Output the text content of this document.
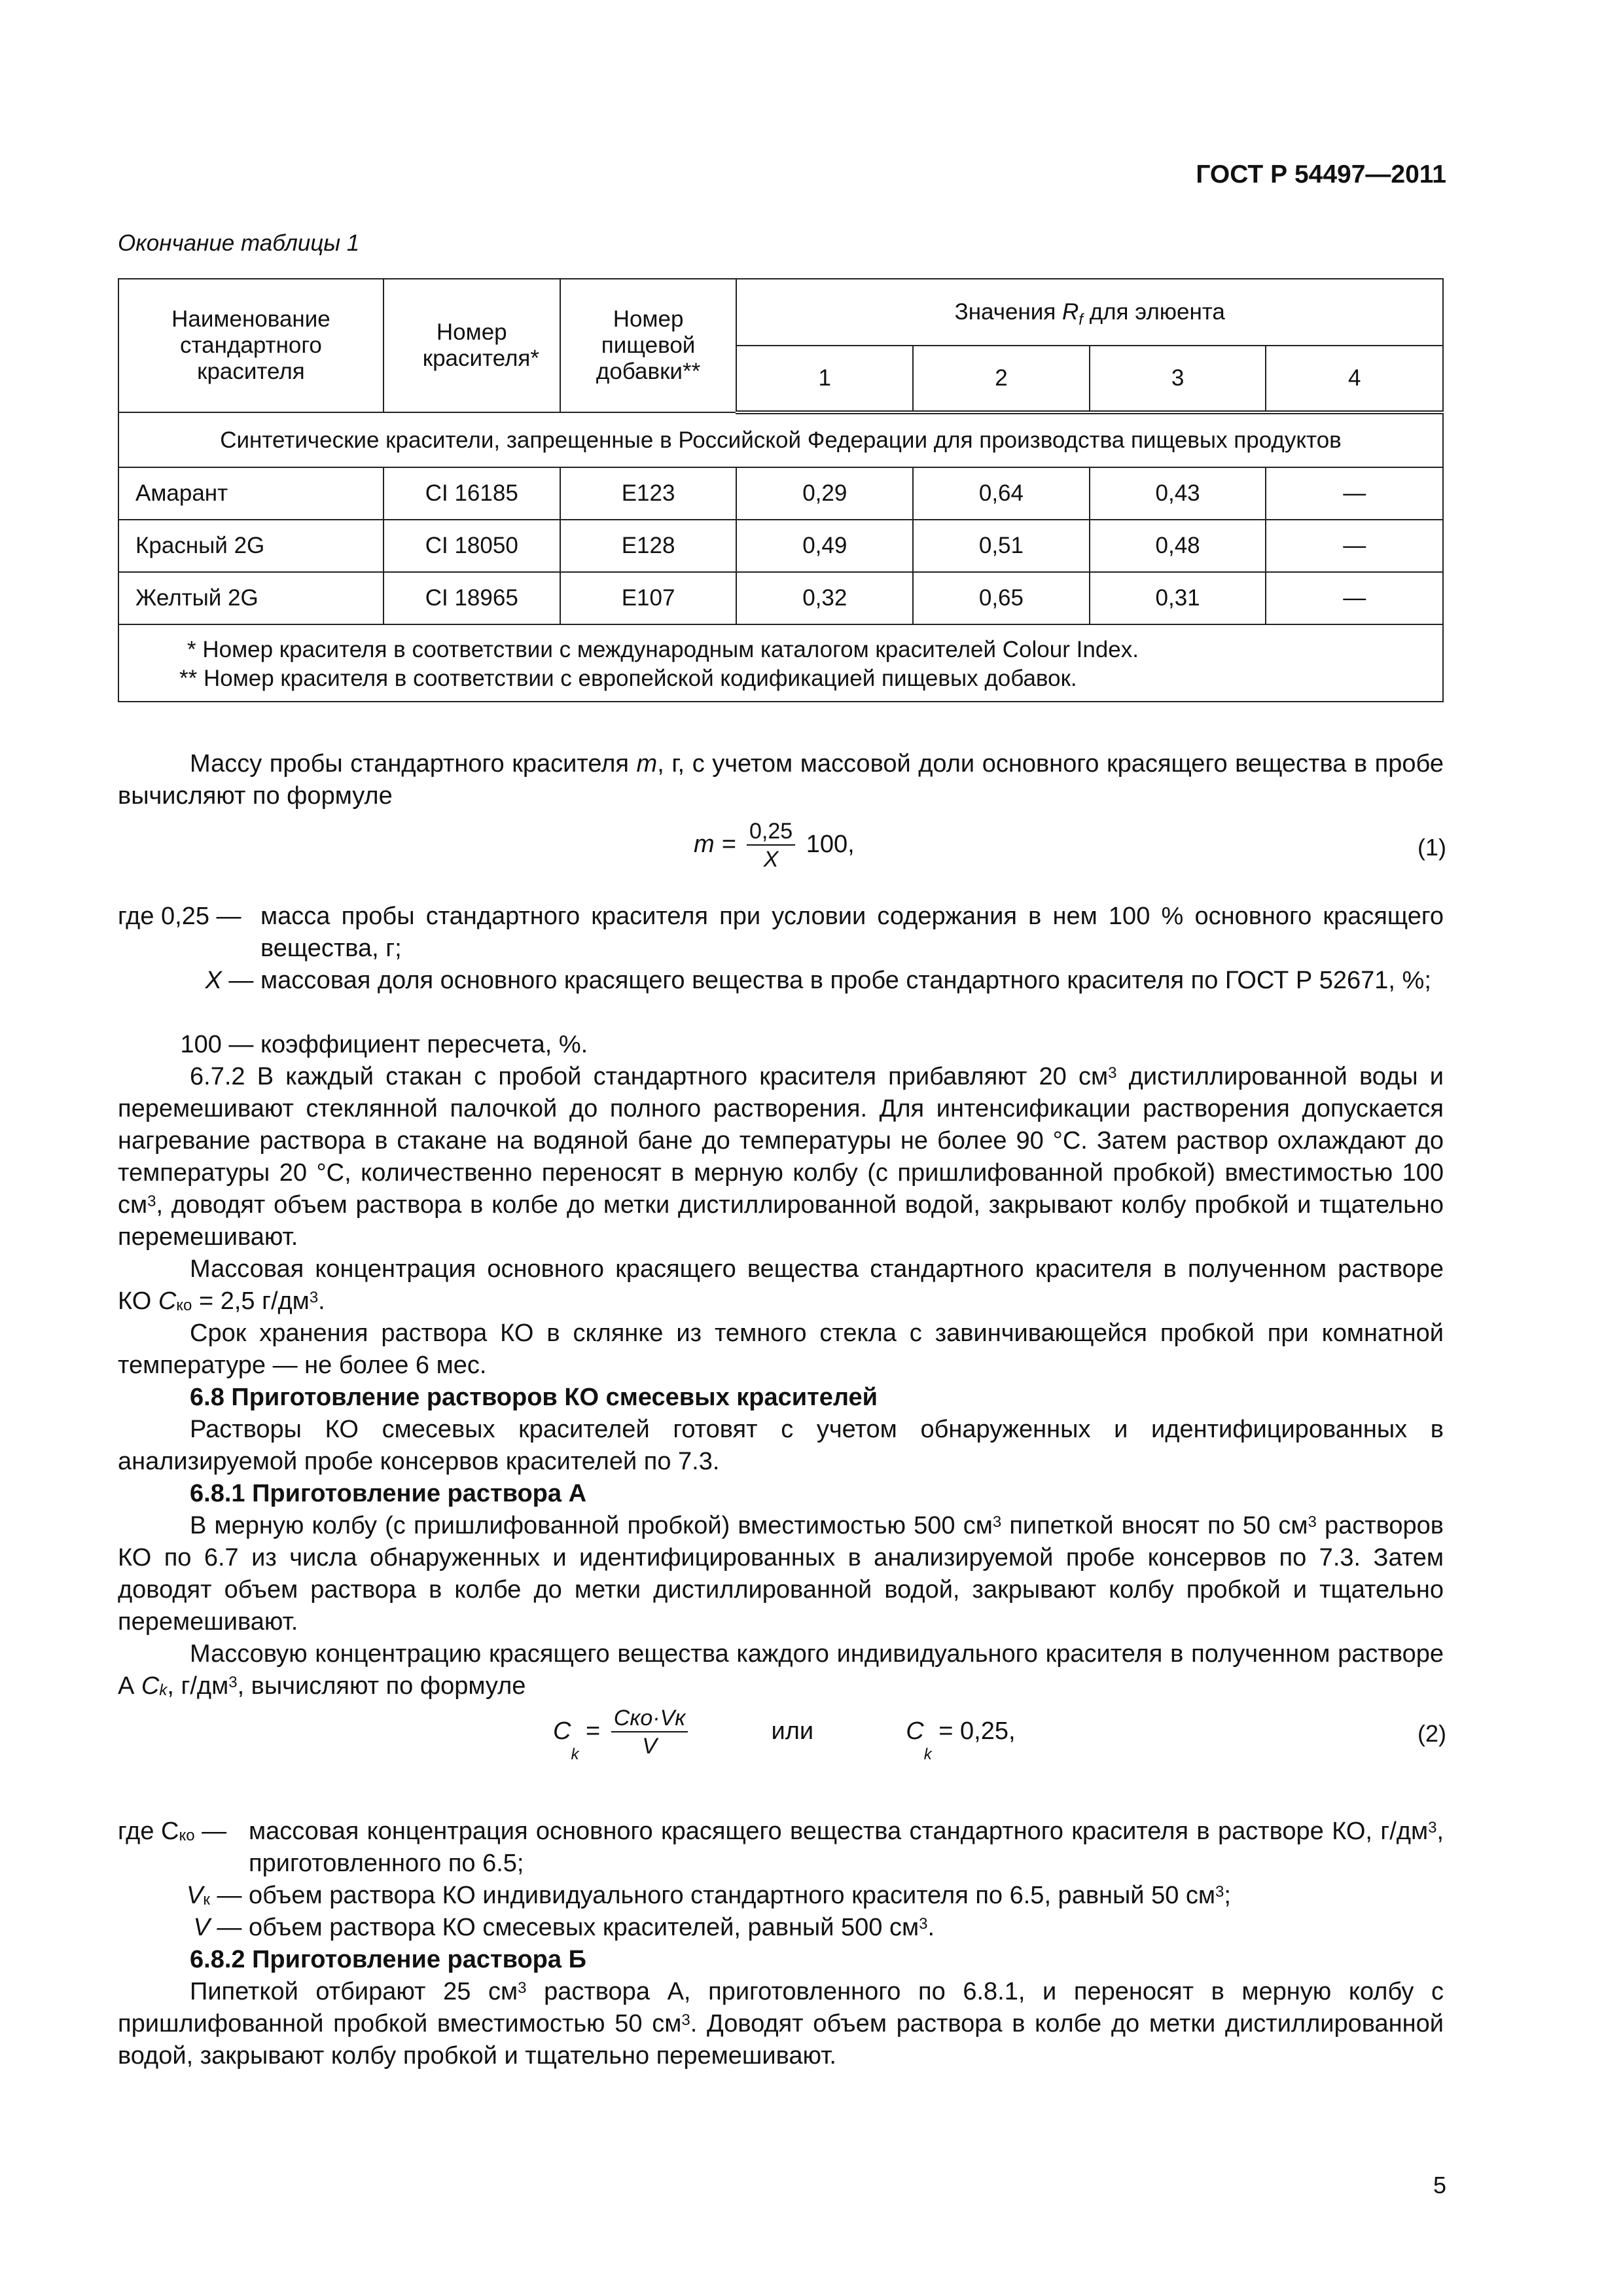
ГОСТ Р 54497—2011
Окончание таблицы 1
Наименование стандартного красителя	Номер красителя*	Номер пищевой добавки**	Значения $R_f$ для элюента			
			1	2	3	4
Синтетические красители, запрещенные в Российской Федерации для производства пищевых продуктов						
Амарант	CI 16185	E123	0,29	0,64	0,43	—
Красный 2G	CI 18050	E128	0,49	0,51	0,48	—
Желтый 2G	CI 18965	E107	0,32	0,65	0,31	—

* Номер красителя в соответствии с международным каталогом красителей Colour Index.
** Номер красителя в соответствии с европейской кодификацией пищевых добавок.						
Массу пробы стандартного красителя m, г, с учетом массовой доли основного красящего вещества в пробе вычисляют по формуле
$m = \frac{0,25}{X} 100$,	(1)
где 0,25 — масса пробы стандартного красителя при условии содержания в нем 100 % основного красящего вещества, г;
X — массовая доля основного красящего вещества в пробе стандартного красителя по ГОСТ Р 52671, %;
100 — коэффициент пересчета, %.
6.7.2 В каждый стакан с пробой стандартного красителя прибавляют 20 $см^3$ дистиллированной воды и перемешивают стеклянной палочкой до полного растворения. Для интенсификации растворения допускается нагревание раствора в стакане на водяной бане до температуры не более 90 °С. Затем раствор охлаждают до температуры 20 °С, количественно переносят в мерную колбу (с пришлифованной пробкой) вместимостью 100 $см^3$, доводят объем раствора в колбе до метки дистиллированной водой, закрывают колбу пробкой и тщательно перемешивают.
Массовая концентрация основного красящего вещества стандартного красителя в полученном растворе КО $C_{ко} = 2,5$ $г/дм^3$.
Срок хранения раствора КО в склянке из темного стекла с завинчивающейся пробкой при комнатной температуре — не более 6 мес.
6.8 Приготовление растворов КО смесевых красителей
Растворы КО смесевых красителей готовят с учетом обнаруженных и идентифицированных в анализируемой пробе консервов красителей по 7.3.
6.8.1 Приготовление раствора А
В мерную колбу (с пришлифованной пробкой) вместимостью 500 $см^3$ пипеткой вносят по 50 $см^3$ растворов КО по 6.7 из числа обнаруженных и идентифицированных в анализируемой пробе консервов по 7.3. Затем доводят объем раствора в колбе до метки дистиллированной водой, закрывают колбу пробкой и тщательно перемешивают.
Массовую концентрацию красящего вещества каждого индивидуального красителя в полученном растворе А $C_k$, $г/дм^3$, вычисляют по формуле
$C_k = \frac{\text{Cко·Vк}}{V}$	или	$C_k = 0,25$,	(2)
где $C_{ко}$ — массовая концентрация основного красящего вещества стандартного красителя в растворе КО, $г/дм^3$, приготовленного по 6.5;
$V_к$ — объем раствора КО индивидуального стандартного красителя по 6.5, равный 50 $см^3$;
V — объем раствора КО смесевых красителей, равный 500 $см^3$.
6.8.2 Приготовление раствора Б
Пипеткой отбирают 25 $см^3$ раствора А, приготовленного по 6.8.1, и переносят в мерную колбу с пришлифованной пробкой вместимостью 50 $см^3$. Доводят объем раствора в колбе до метки дистиллированной водой, закрывают колбу пробкой и тщательно перемешивают.
5
